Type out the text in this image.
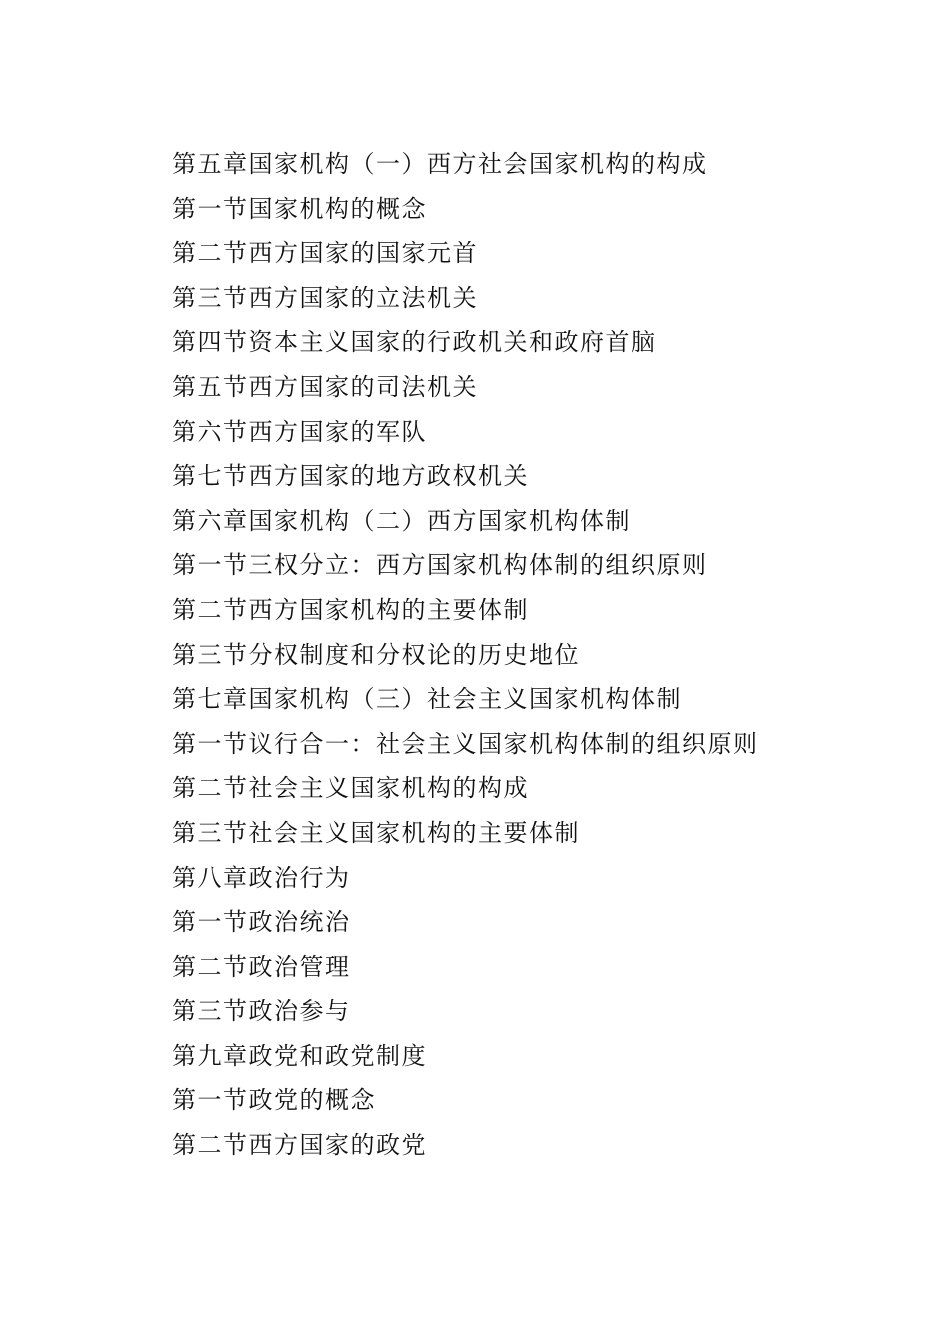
第五章国家机构（一）西方社会国家机构的构成
第一节国家机构的概念
第二节西方国家的国家元首
第三节西方国家的立法机关
第四节资本主义国家的行政机关和政府首脑
第五节西方国家的司法机关
第六节西方国家的军队
第七节西方国家的地方政权机关
第六章国家机构（二）西方国家机构体制
第一节三权分立：西方国家机构体制的组织原则
第二节西方国家机构的主要体制
第三节分权制度和分权论的历史地位
第七章国家机构（三）社会主义国家机构体制
第一节议行合一：社会主义国家机构体制的组织原则
第二节社会主义国家机构的构成
第三节社会主义国家机构的主要体制
第八章政治行为
第一节政治统治
第二节政治管理
第三节政治参与
第九章政党和政党制度
第一节政党的概念
第二节西方国家的政党
